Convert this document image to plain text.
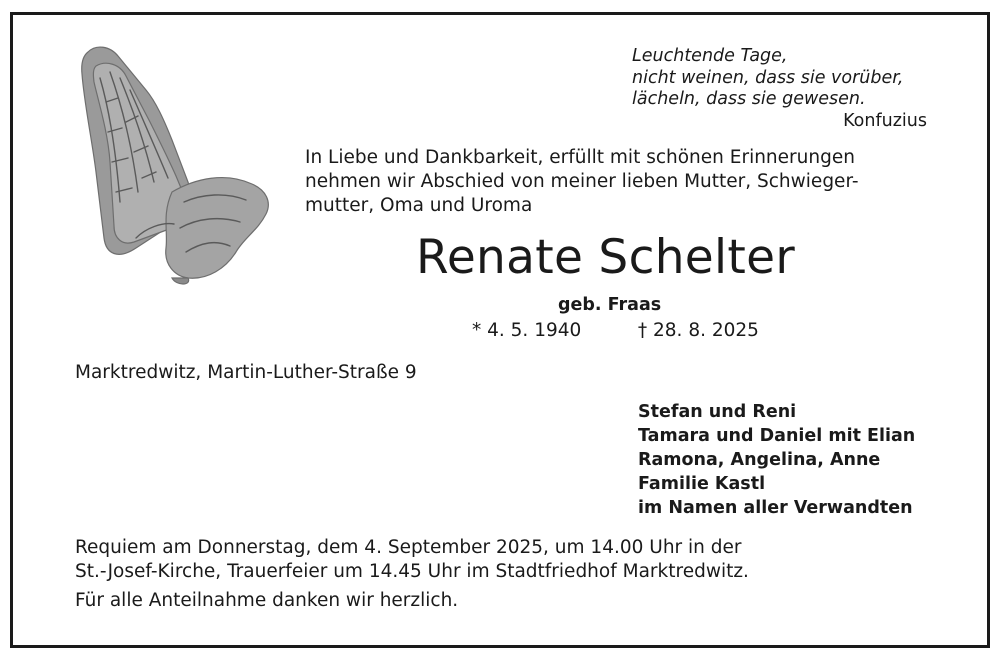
Leuchtende Tage,
nicht weinen, dass sie vorüber,
lächeln, dass sie gewesen.
Konfuzius
In Liebe und Dankbarkeit, erfüllt mit schönen Erinnerungen
nehmen wir Abschied von meiner lieben Mutter, Schwieger-
mutter, Oma und Uroma
Renate Schelter
geb. Fraas
* 4. 5. 1940	† 28. 8. 2025
Marktredwitz, Martin-Luther-Straße 9
Stefan und Reni
Tamara und Daniel mit Elian
Ramona, Angelina, Anne
Familie Kastl
im Namen aller Verwandten
Requiem am Donnerstag, dem 4. September 2025, um 14.00 Uhr in der
St.-Josef-Kirche, Trauerfeier um 14.45 Uhr im Stadtfriedhof Marktredwitz.
Für alle Anteilnahme danken wir herzlich.
